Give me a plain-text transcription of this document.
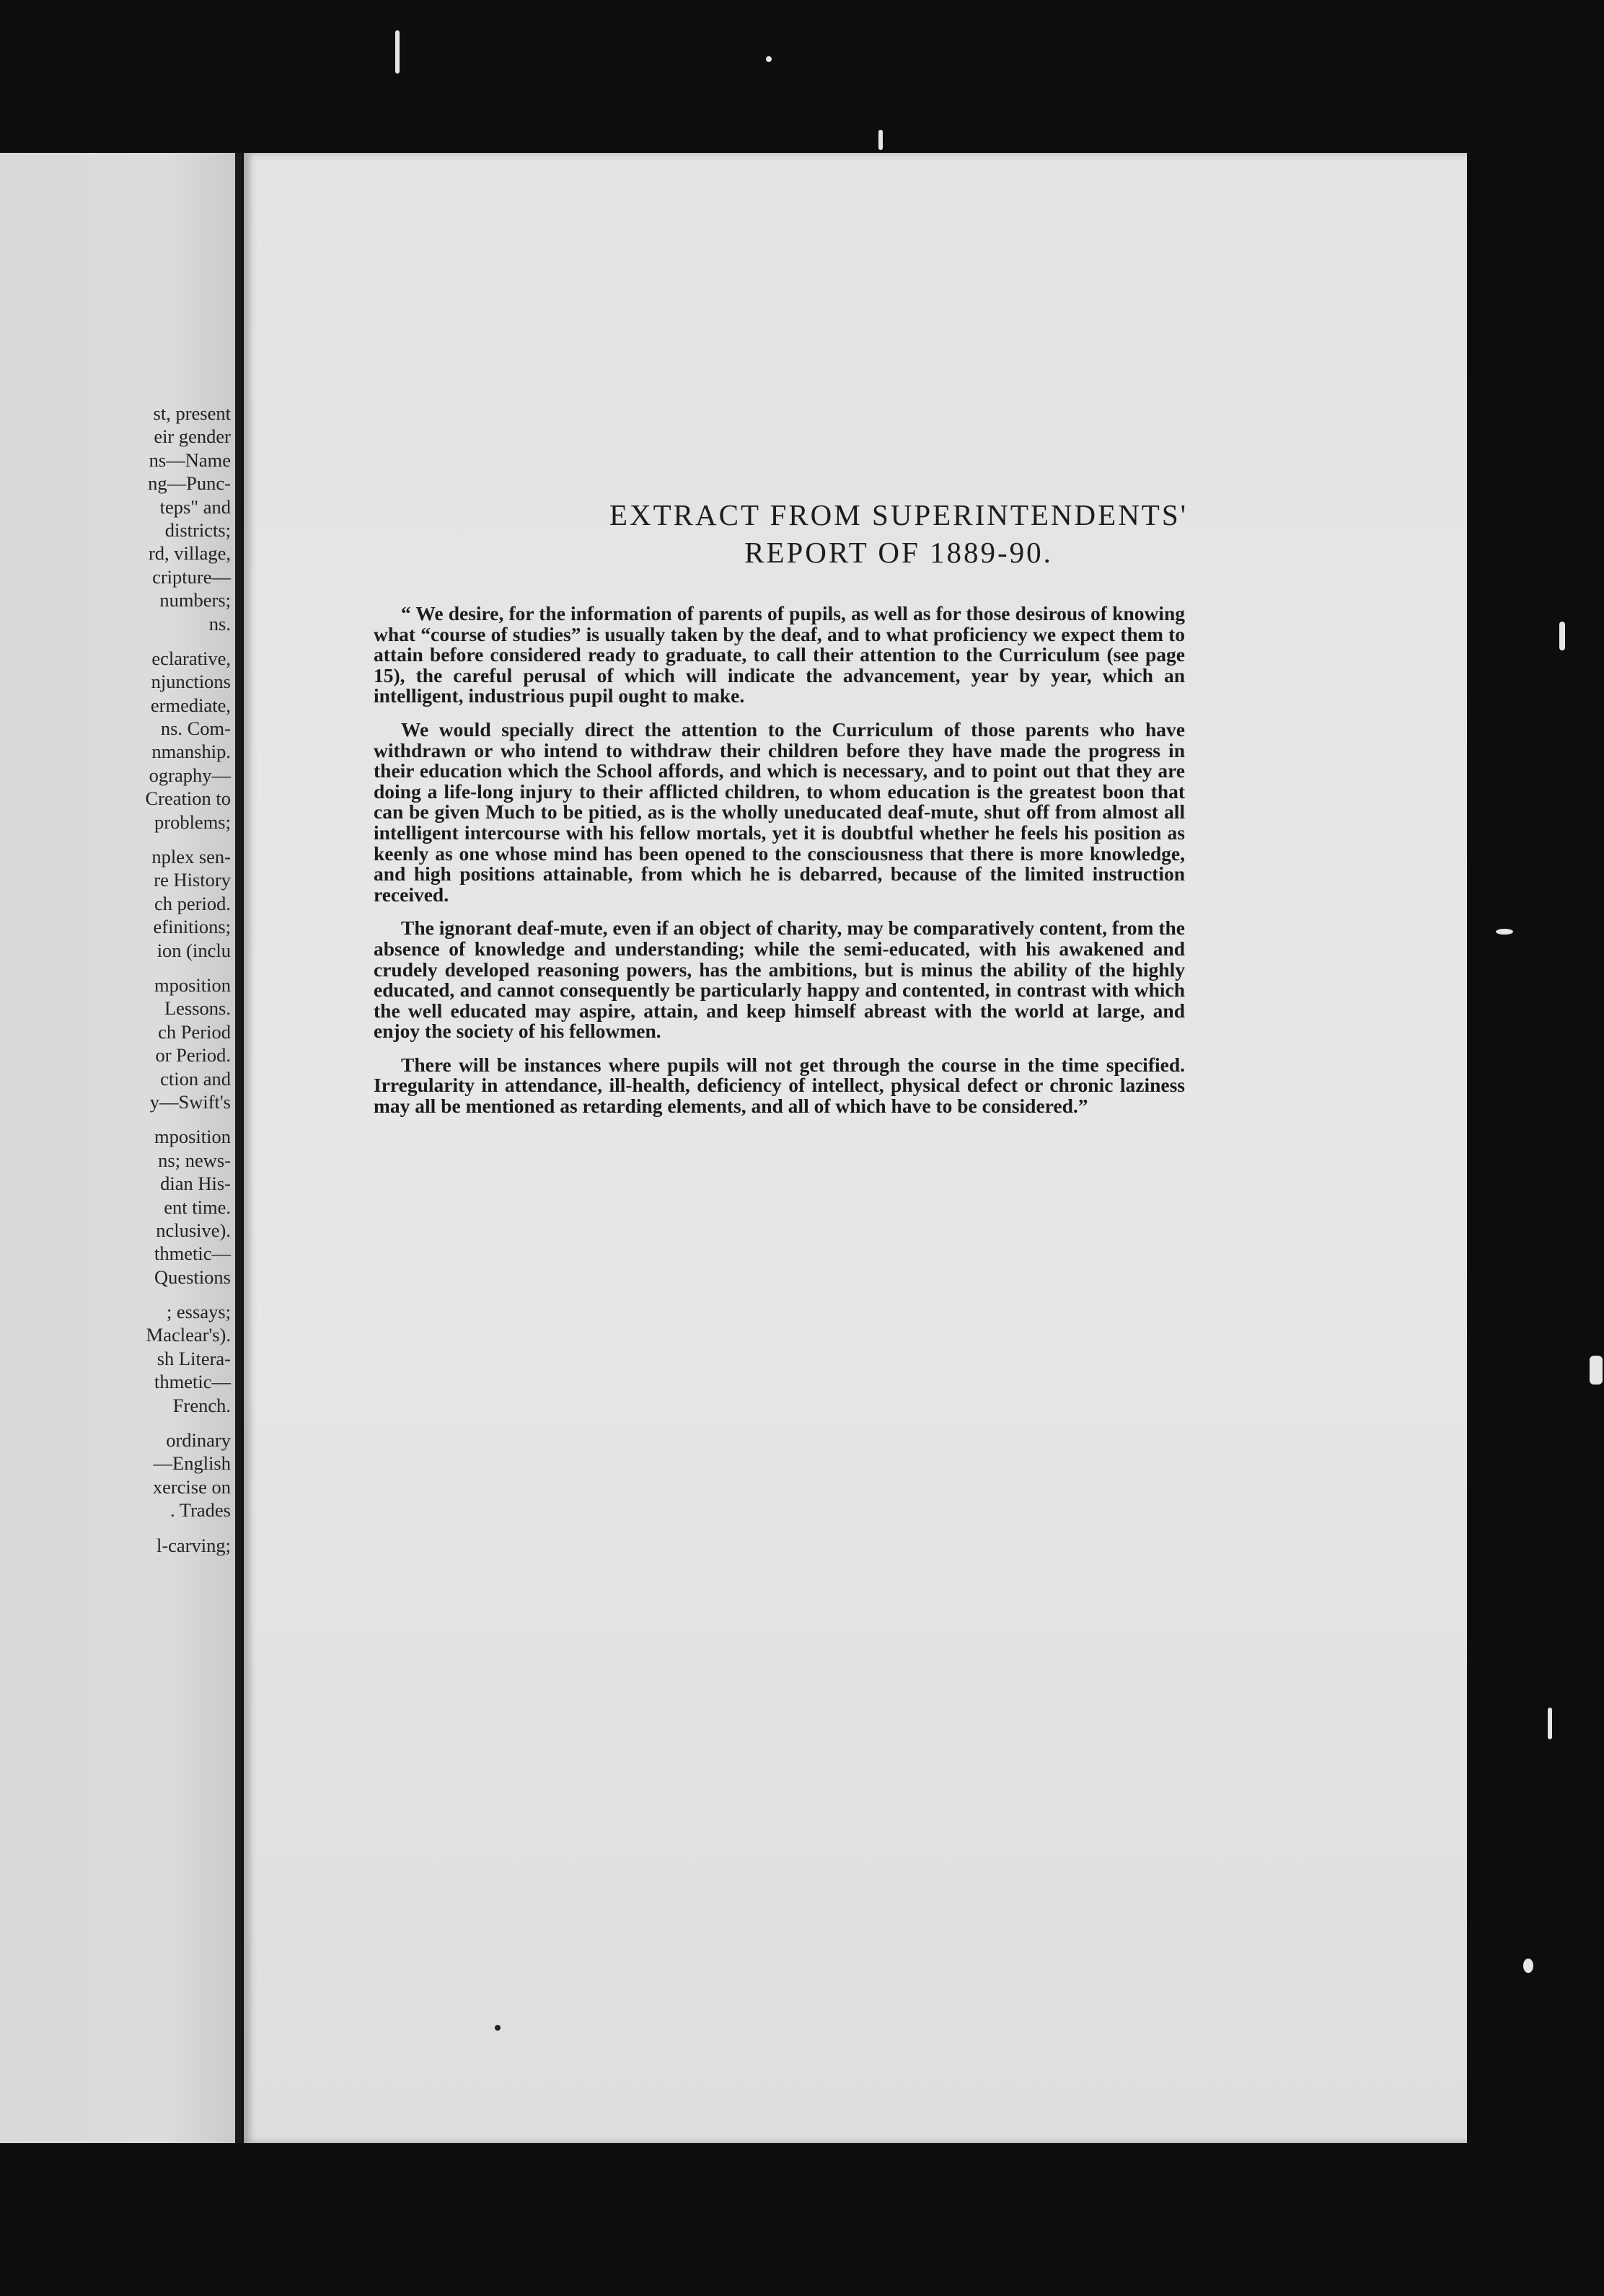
st, present
eir gender
ns—Name
ng—Punc-
teps" and
districts;
rd, village,
cripture—
numbers;
ns.
eclarative,
njunctions
ermediate,
ns. Com-
nmanship.
ography—
Creation to
problems;
nplex sen-
re History
ch period.
efinitions;
ion (inclu
mposition
Lessons.
ch Period
or Period.
ction and
y—Swift's
mposition
ns; news-
dian His-
ent time.
nclusive).
thmetic—
Questions
; essays;
Maclear's).
sh Litera-
thmetic—
French.
ordinary
—English
xercise on
. Trades
l-carving;
EXTRACT FROM SUPERINTENDENTS'
REPORT OF 1889-90.

“ We desire, for the information of parents of pupils, as well as for those desirous of knowing what “course of studies” is usually taken by the deaf, and to what proficiency we expect them to attain before considered ready to graduate, to call their attention to the Curriculum (see page 15), the careful perusal of which will indicate the advancement, year by year, which an intelligent, industrious pupil ought to make.

We would specially direct the attention to the Curriculum of those parents who have withdrawn or who intend to withdraw their children before they have made the progress in their education which the School affords, and which is necessary, and to point out that they are doing a life-long injury to their afflicted children, to whom education is the greatest boon that can be given Much to be pitied, as is the wholly uneducated deaf-mute, shut off from almost all intelligent intercourse with his fellow mortals, yet it is doubtful whether he feels his position as keenly as one whose mind has been opened to the consciousness that there is more knowledge, and high positions attainable, from which he is debarred, because of the limited instruction received.

The ignorant deaf-mute, even if an object of charity, may be comparatively content, from the absence of knowledge and understanding; while the semi-educated, with his awakened and crudely developed reasoning powers, has the ambitions, but is minus the ability of the highly educated, and cannot consequently be particularly happy and contented, in contrast with which the well educated may aspire, attain, and keep himself abreast with the world at large, and enjoy the society of his fellowmen.

There will be instances where pupils will not get through the course in the time specified. Irregularity in attendance, ill-health, deficiency of intellect, physical defect or chronic laziness may all be mentioned as retarding elements, and all of which have to be considered.”
